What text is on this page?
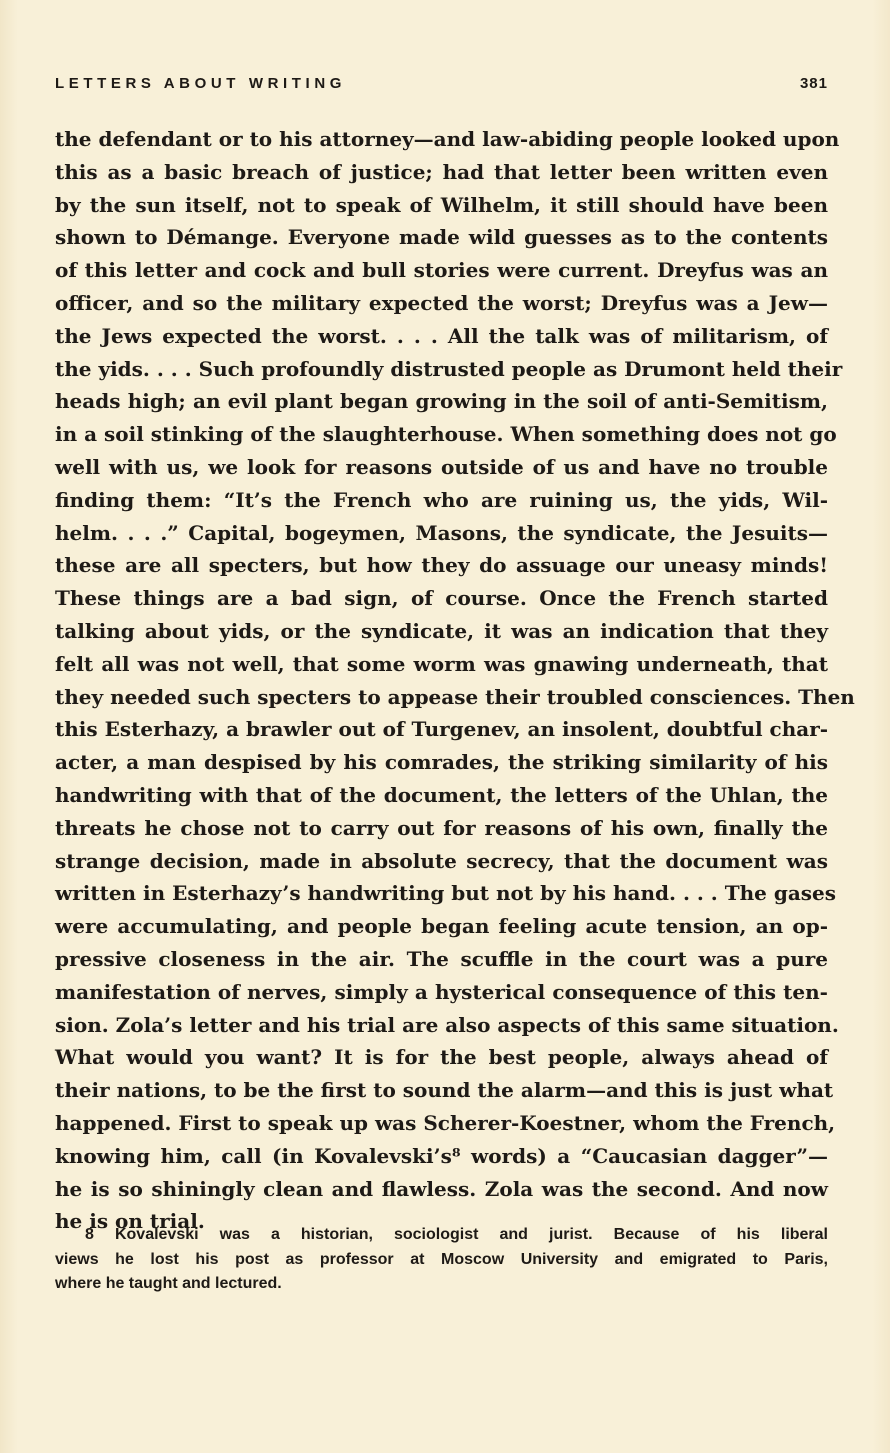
LETTERS ABOUT WRITING	381
the defendant or to his attorney—and law-abiding people looked upon
this as a basic breach of justice; had that letter been written even
by the sun itself, not to speak of Wilhelm, it still should have been
shown to Démange. Everyone made wild guesses as to the contents
of this letter and cock and bull stories were current. Dreyfus was an
officer, and so the military expected the worst; Dreyfus was a Jew—
the Jews expected the worst. . . . All the talk was of militarism, of
the yids. . . . Such profoundly distrusted people as Drumont held their
heads high; an evil plant began growing in the soil of anti-Semitism,
in a soil stinking of the slaughterhouse. When something does not go
well with us, we look for reasons outside of us and have no trouble
finding them: “It’s the French who are ruining us, the yids, Wil-
helm. . . .” Capital, bogeymen, Masons, the syndicate, the Jesuits—
these are all specters, but how they do assuage our uneasy minds!
These things are a bad sign, of course. Once the French started
talking about yids, or the syndicate, it was an indication that they
felt all was not well, that some worm was gnawing underneath, that
they needed such specters to appease their troubled consciences. Then
this Esterhazy, a brawler out of Turgenev, an insolent, doubtful char-
acter, a man despised by his comrades, the striking similarity of his
handwriting with that of the document, the letters of the Uhlan, the
threats he chose not to carry out for reasons of his own, finally the
strange decision, made in absolute secrecy, that the document was
written in Esterhazy’s handwriting but not by his hand. . . . The gases
were accumulating, and people began feeling acute tension, an op-
pressive closeness in the air. The scuffle in the court was a pure
manifestation of nerves, simply a hysterical consequence of this ten-
sion. Zola’s letter and his trial are also aspects of this same situation.
What would you want? It is for the best people, always ahead of
their nations, to be the first to sound the alarm—and this is just what
happened. First to speak up was Scherer-Koestner, whom the French,
knowing him, call (in Kovalevski’s⁸ words) a “Caucasian dagger”—
he is so shiningly clean and flawless. Zola was the second. And now
he is on trial.
8 Kovalevski was a historian, sociologist and jurist. Because of his liberal
views he lost his post as professor at Moscow University and emigrated to Paris,
where he taught and lectured.
